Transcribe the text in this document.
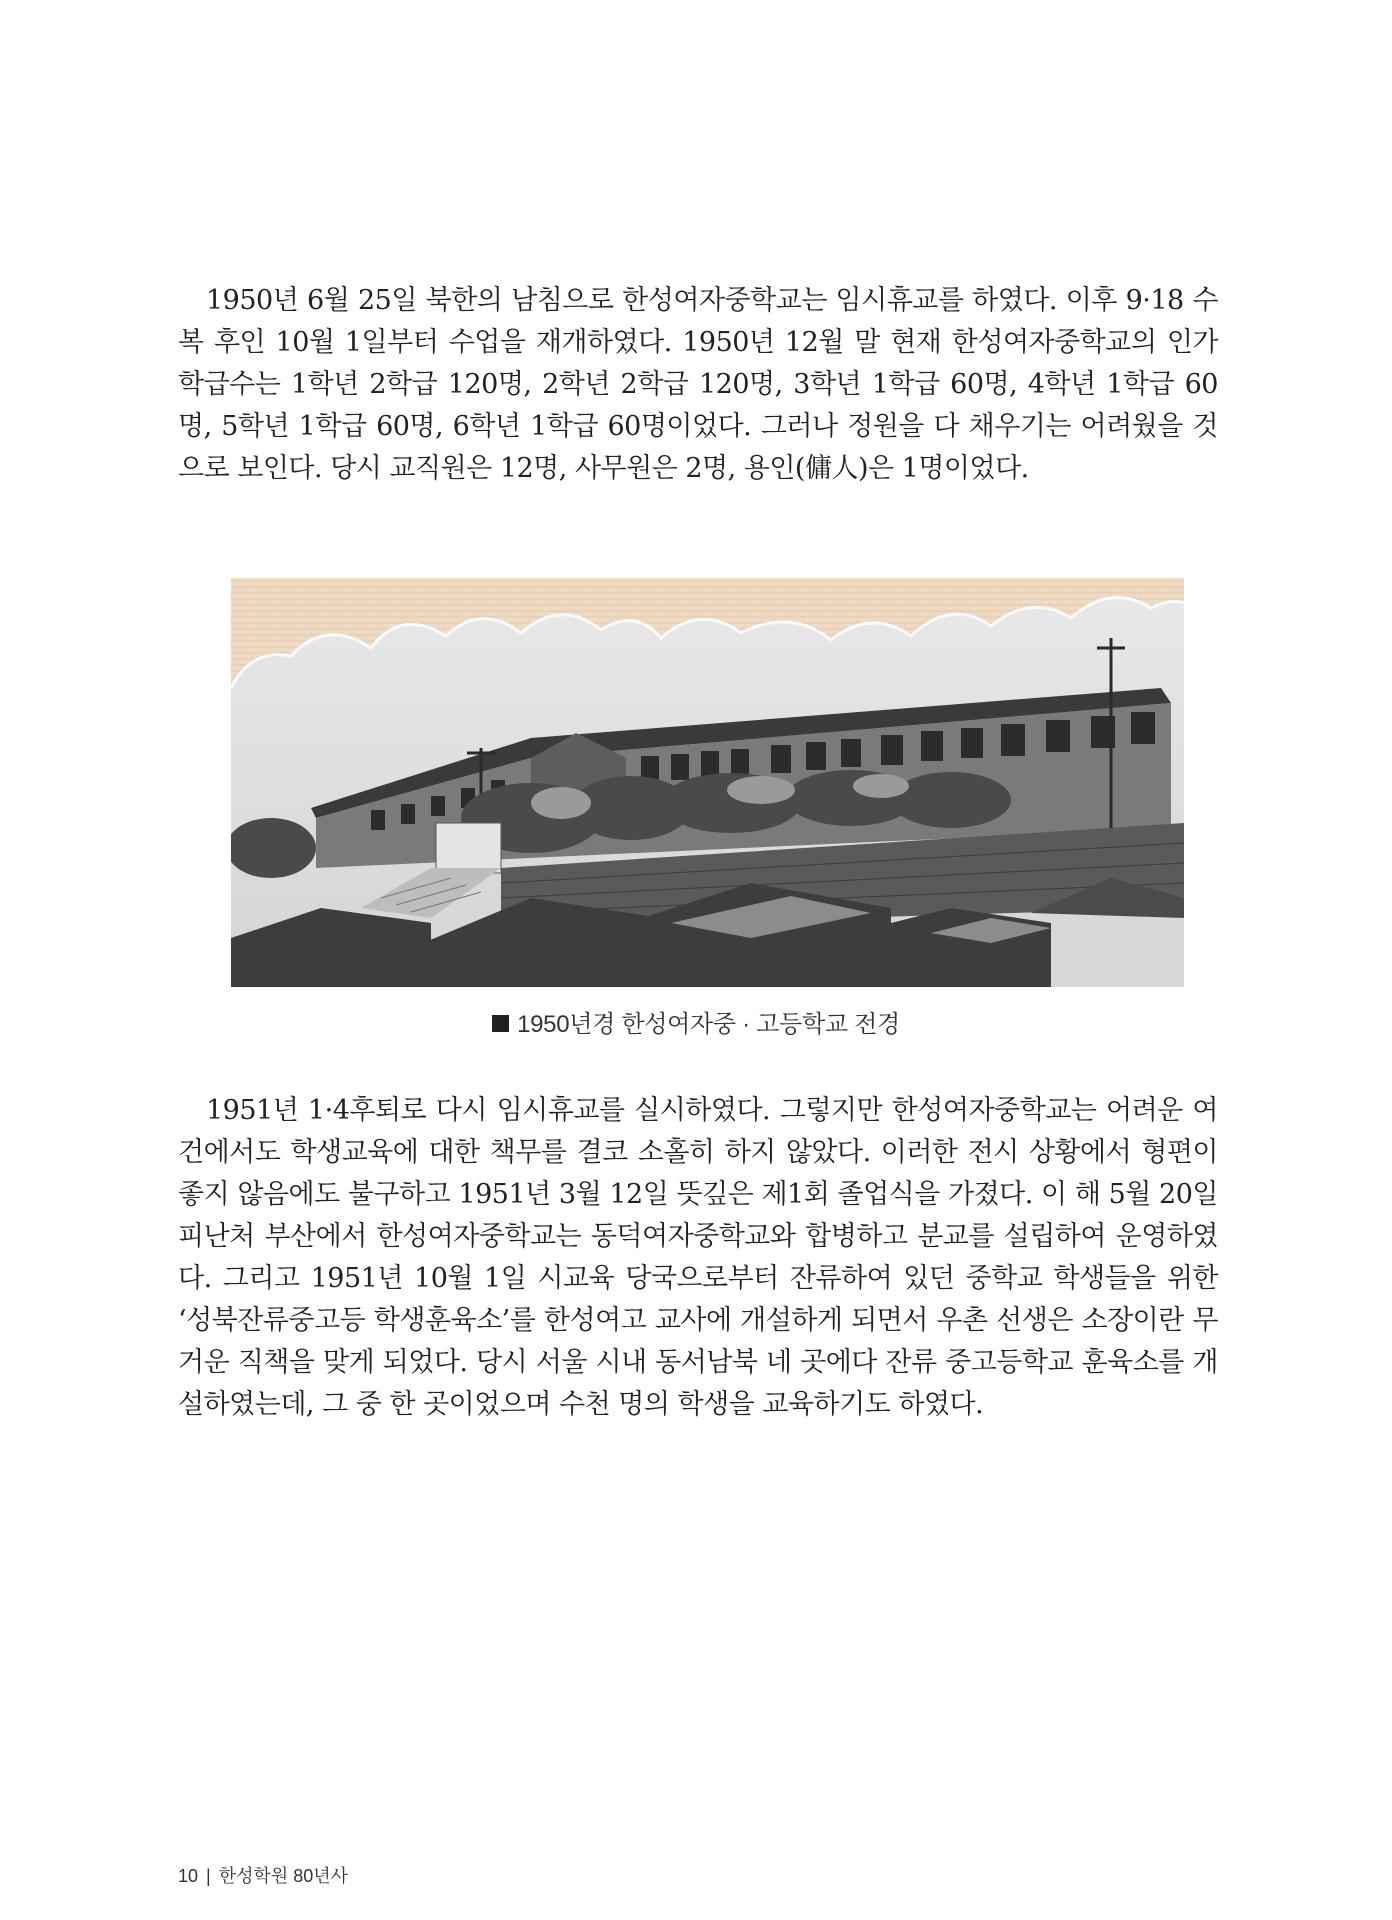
1950년 6월 25일 북한의 남침으로 한성여자중학교는 임시휴교를 하였다. 이후 9·18 수복 후인 10월 1일부터 수업을 재개하였다. 1950년 12월 말 현재 한성여자중학교의 인가학급수는 1학년 2학급 120명, 2학년 2학급 120명, 3학년 1학급 60명, 4학년 1학급 60명, 5학년 1학급 60명, 6학년 1학급 60명이었다. 그러나 정원을 다 채우기는 어려웠을 것으로 보인다. 당시 교직원은 12명, 사무원은 2명, 용인(傭人)은 1명이었다.

1950년경 한성여자중 · 고등학교 전경

1951년 1·4후퇴로 다시 임시휴교를 실시하였다. 그렇지만 한성여자중학교는 어려운 여건에서도 학생교육에 대한 책무를 결코 소홀히 하지 않았다. 이러한 전시 상황에서 형편이 좋지 않음에도 불구하고 1951년 3월 12일 뜻깊은 제1회 졸업식을 가졌다. 이 해 5월 20일 피난처 부산에서 한성여자중학교는 동덕여자중학교와 합병하고 분교를 설립하여 운영하였다. 그리고 1951년 10월 1일 시교육 당국으로부터 잔류하여 있던 중학교 학생들을 위한 ‘성북잔류중고등 학생훈육소’를 한성여고 교사에 개설하게 되면서 우촌 선생은 소장이란 무거운 직책을 맞게 되었다. 당시 서울 시내 동서남북 네 곳에다 잔류 중고등학교 훈육소를 개설하였는데, 그 중 한 곳이었으며 수천 명의 학생을 교육하기도 하였다.

10 | 한성학원 80년사
